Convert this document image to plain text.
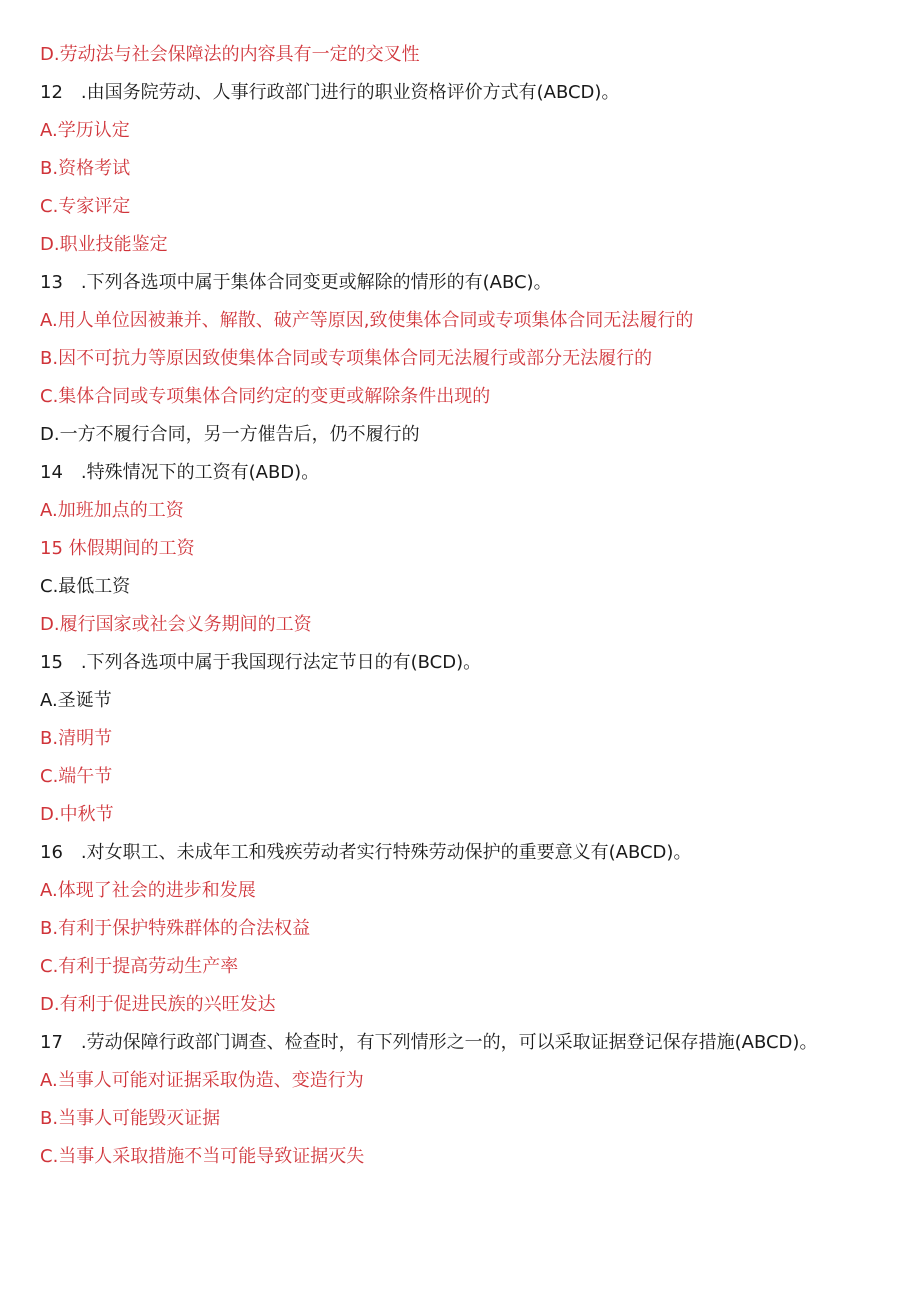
D.劳动法与社会保障法的内容具有一定的交叉性
12　.由国务院劳动、人事行政部门进行的职业资格评价方式有(ABCD)。
A.学历认定
B.资格考试
C.专家评定
D.职业技能鉴定
13　.下列各选项中属于集体合同变更或解除的情形的有(ABC)。
A.用人单位因被兼并、解散、破产等原因,致使集体合同或专项集体合同无法履行的
B.因不可抗力等原因致使集体合同或专项集体合同无法履行或部分无法履行的
C.集体合同或专项集体合同约定的变更或解除条件出现的
D.一方不履行合同，另一方催告后，仍不履行的
14　.特殊情况下的工资有(ABD)。
A.加班加点的工资
15 休假期间的工资
C.最低工资
D.履行国家或社会义务期间的工资
15　.下列各选项中属于我国现行法定节日的有(BCD)。
A.圣诞节
B.清明节
C.端午节
D.中秋节
16　.对女职工、未成年工和残疾劳动者实行特殊劳动保护的重要意义有(ABCD)。
A.体现了社会的进步和发展
B.有利于保护特殊群体的合法权益
C.有利于提高劳动生产率
D.有利于促进民族的兴旺发达
17　.劳动保障行政部门调查、检查时，有下列情形之一的，可以采取证据登记保存措施(ABCD)。
A.当事人可能对证据采取伪造、变造行为
B.当事人可能毁灭证据
C.当事人采取措施不当可能导致证据灭失
